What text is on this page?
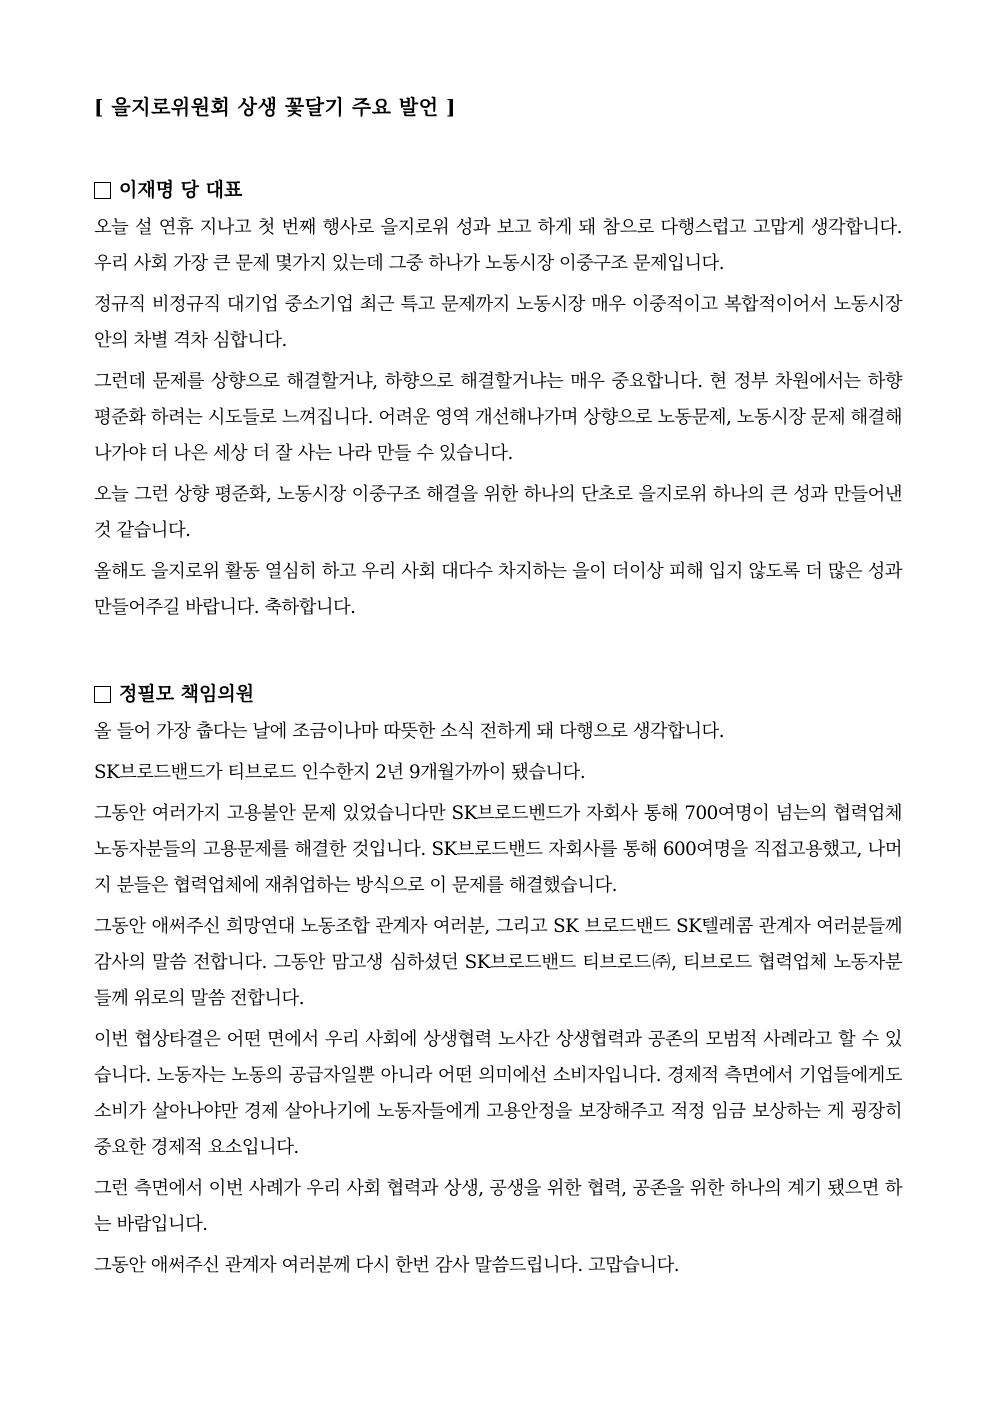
[ 을지로위원회 상생 꽃달기 주요 발언 ]

이재명 당 대표

오늘 설 연휴 지나고 첫 번째 행사로 을지로위 성과 보고 하게 돼 참으로 다행스럽고 고맙게 생각합니다. 우리 사회 가장 큰 문제 몇가지 있는데 그중 하나가 노동시장 이중구조 문제입니다.

정규직 비정규직 대기업 중소기업 최근 특고 문제까지 노동시장 매우 이중적이고 복합적이어서 노동시장 안의 차별 격차 심합니다.

그런데 문제를 상향으로 해결할거냐, 하향으로 해결할거냐는 매우 중요합니다. 현 정부 차원에서는 하향 평준화 하려는 시도들로 느껴집니다. 어려운 영역 개선해나가며 상향으로 노동문제, 노동시장 문제 해결해나가야 더 나은 세상 더 잘 사는 나라 만들 수 있습니다.

오늘 그런 상향 평준화, 노동시장 이중구조 해결을 위한 하나의 단초로 을지로위 하나의 큰 성과 만들어낸 것 같습니다.

올해도 을지로위 활동 열심히 하고 우리 사회 대다수 차지하는 을이 더이상 피해 입지 않도록 더 많은 성과 만들어주길 바랍니다. 축하합니다.

정필모 책임의원

올 들어 가장 춥다는 날에 조금이나마 따뜻한 소식 전하게 돼 다행으로 생각합니다.

SK브로드밴드가 티브로드 인수한지 2년 9개월가까이 됐습니다.

그동안 여러가지 고용불안 문제 있었습니다만 SK브로드벤드가 자회사 통해 700여명이 넘는의 협력업체 노동자분들의 고용문제를 해결한 것입니다. SK브로드밴드 자회사를 통해 600여명을 직접고용했고, 나머지 분들은 협력업체에 재취업하는 방식으로 이 문제를 해결했습니다.

그동안 애써주신 희망연대 노동조합 관계자 여러분, 그리고 SK 브로드밴드 SK텔레콤 관계자 여러분들께 감사의 말씀 전합니다. 그동안 맘고생 심하셨던 SK브로드밴드 티브로드㈜, 티브로드 협력업체 노동자분들께 위로의 말씀 전합니다.

이번 협상타결은 어떤 면에서 우리 사회에 상생협력 노사간 상생협력과 공존의 모범적 사례라고 할 수 있습니다. 노동자는 노동의 공급자일뿐 아니라 어떤 의미에선 소비자입니다. 경제적 측면에서 기업들에게도 소비가 살아나야만 경제 살아나기에 노동자들에게 고용안정을 보장해주고 적정 임금 보상하는 게 굉장히 중요한 경제적 요소입니다.

그런 측면에서 이번 사례가 우리 사회 협력과 상생, 공생을 위한 협력, 공존을 위한 하나의 계기 됐으면 하는 바람입니다.

그동안 애써주신 관계자 여러분께 다시 한번 감사 말씀드립니다. 고맙습니다.
